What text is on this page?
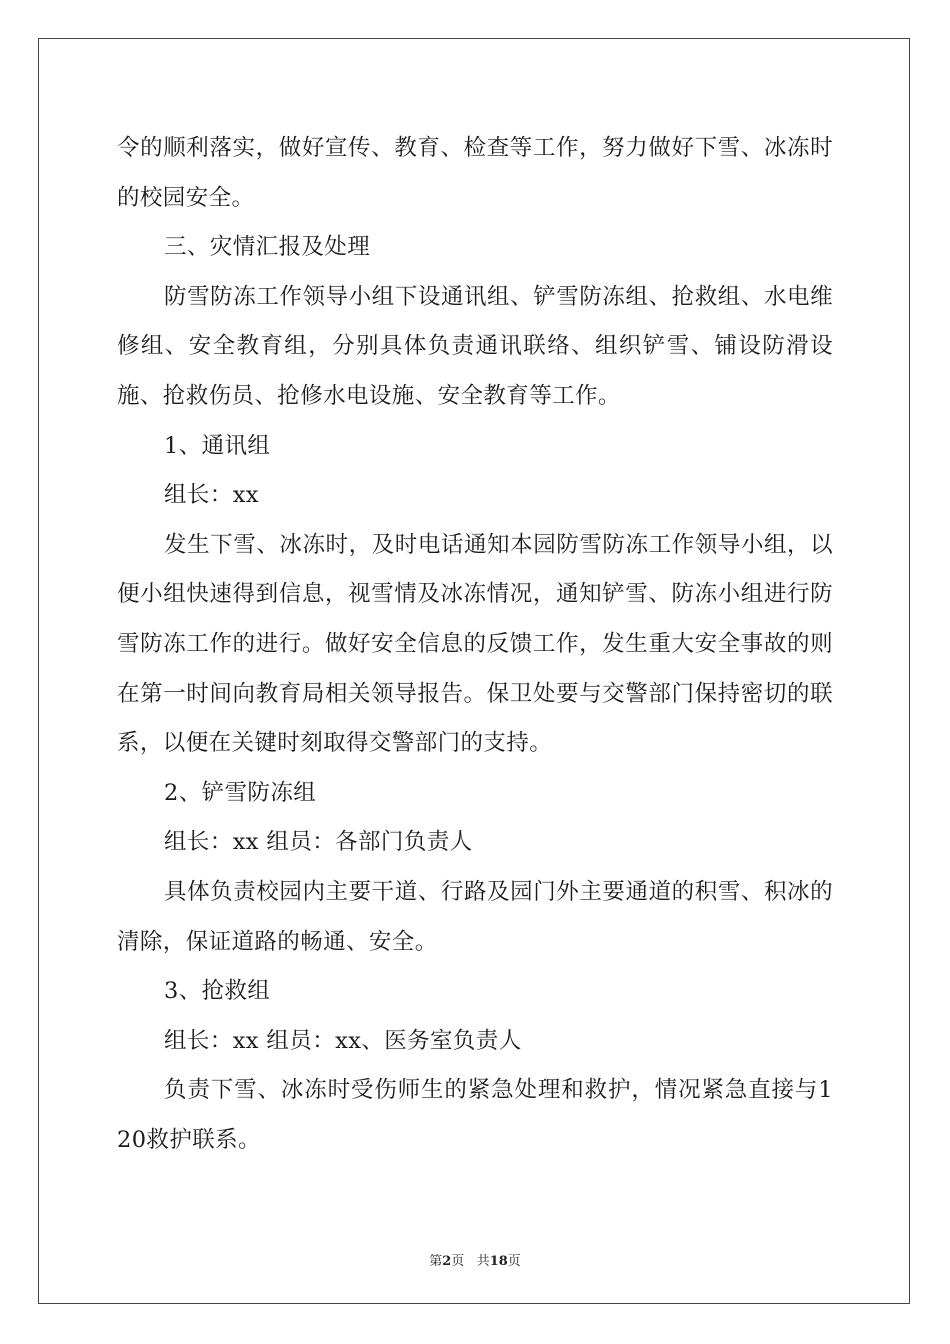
令的顺利落实，做好宣传、教育、检查等工作，努力做好下雪、冰冻时的校园安全。

三、灾情汇报及处理

防雪防冻工作领导小组下设通讯组、铲雪防冻组、抢救组、水电维修组、安全教育组，分别具体负责通讯联络、组织铲雪、铺设防滑设施、抢救伤员、抢修水电设施、安全教育等工作。

1、通讯组

组长：xx

发生下雪、冰冻时，及时电话通知本园防雪防冻工作领导小组，以便小组快速得到信息，视雪情及冰冻情况，通知铲雪、防冻小组进行防雪防冻工作的进行。做好安全信息的反馈工作，发生重大安全事故的则在第一时间向教育局相关领导报告。保卫处要与交警部门保持密切的联系，以便在关键时刻取得交警部门的支持。

2、铲雪防冻组

组长：xx 组员：各部门负责人

具体负责校园内主要干道、行路及园门外主要通道的积雪、积冰的清除，保证道路的畅通、安全。

3、抢救组

组长：xx 组员：xx、医务室负责人

负责下雪、冰冻时受伤师生的紧急处理和救护，情况紧急直接与120救护联系。

第2页 共18页
